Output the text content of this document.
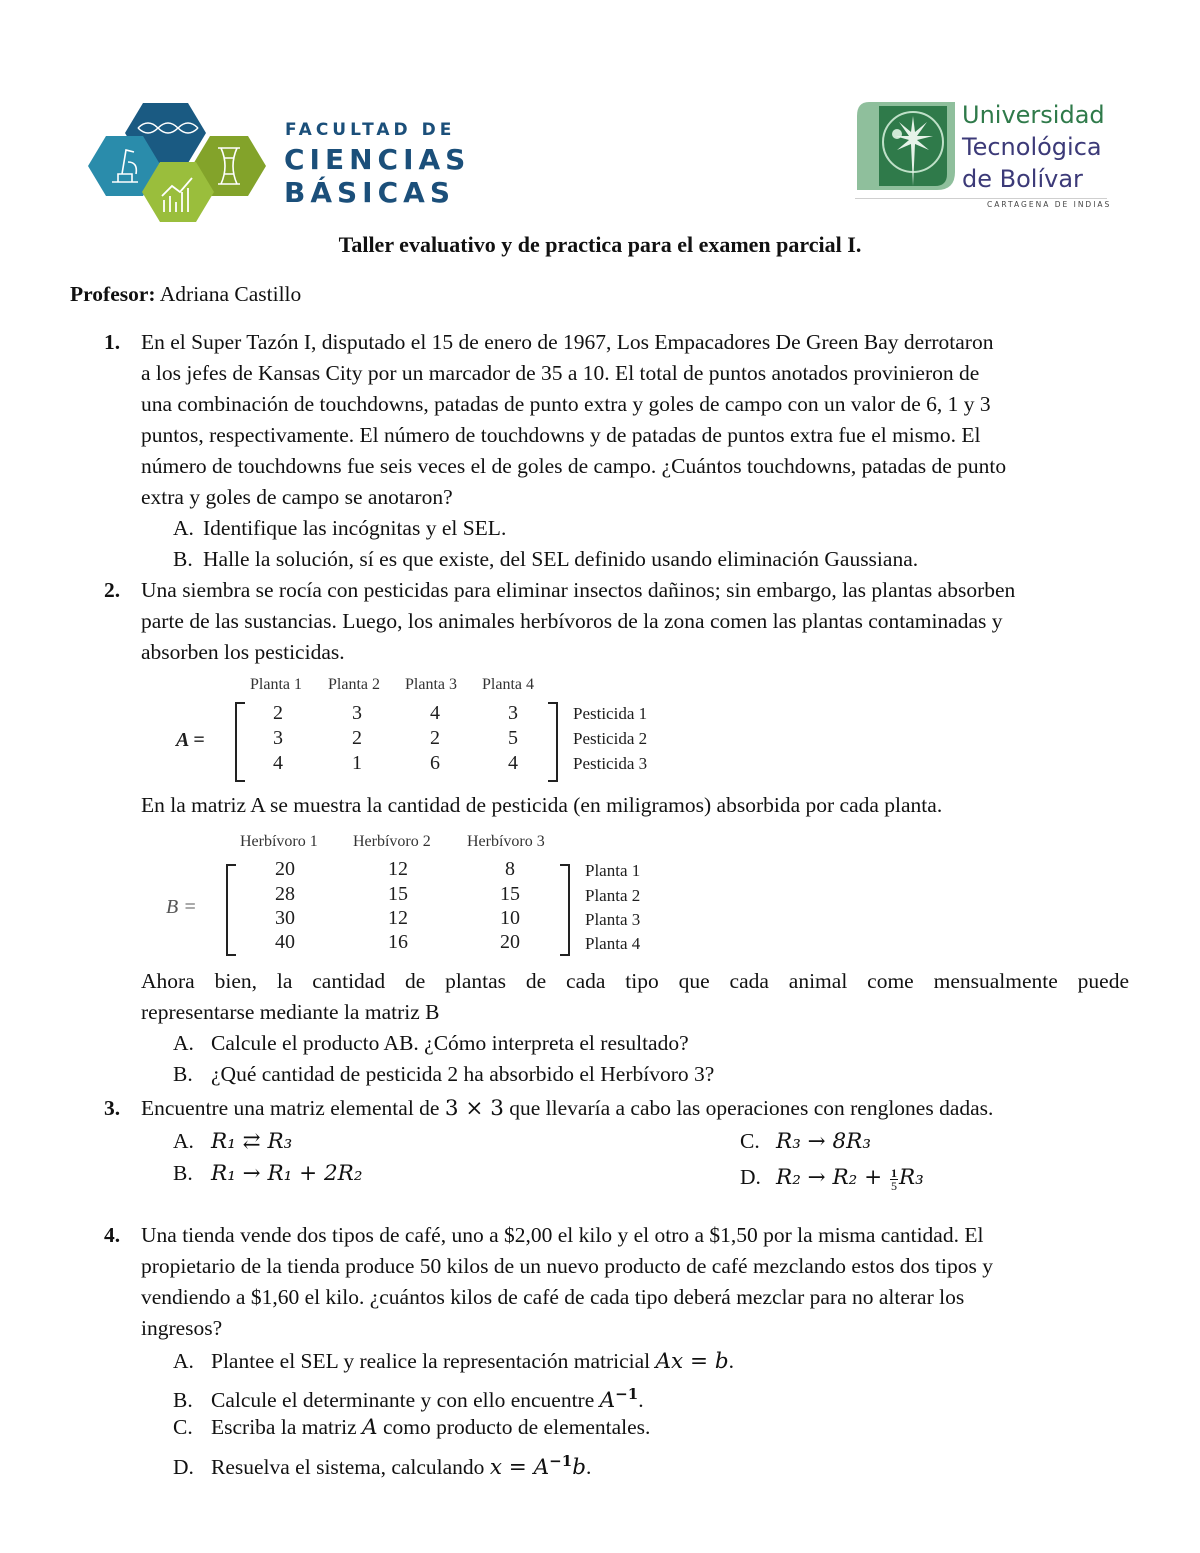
FACULTAD DE
CIENCIAS
BÁSICAS
Universidad
Tecnológica
de Bolívar
CARTAGENA DE INDIAS
Taller evaluativo y de practica para el examen parcial I.
Profesor: Adriana Castillo
1. En el Super Tazón I, disputado el 15 de enero de 1967, Los Empacadores De Green Bay derrotaron
a los jefes de Kansas City por un marcador de 35 a 10. El total de puntos anotados provinieron de
una combinación de touchdowns, patadas de punto extra y goles de campo con un valor de 6, 1 y 3
puntos, respectivamente. El número de touchdowns y de patadas de puntos extra fue el mismo. El
número de touchdowns fue seis veces el de goles de campo. ¿Cuántos touchdowns, patadas de punto
extra y goles de campo se anotaron?
A. Identifique las incógnitas y el SEL.
B. Halle la solución, sí es que existe, del SEL definido usando eliminación Gaussiana.
2. Una siembra se rocía con pesticidas para eliminar insectos dañinos; sin embargo, las plantas absorben
parte de las sustancias. Luego, los animales herbívoros de la zona comen las plantas contaminadas y
absorben los pesticidas.
Planta 1 Planta 2 Planta 3 Planta 4
A =
2	3	4	3
3	2	2	5
4	1	6	4
Pesticida 1
Pesticida 2
Pesticida 3
En la matriz A se muestra la cantidad de pesticida (en miligramos) absorbida por cada planta.
Herbívoro 1 Herbívoro 2 Herbívoro 3
B =
20	12	8
28	15	15
30	12	10
40	16	20
Planta 1
Planta 2
Planta 3
Planta 4
Ahora bien, la cantidad de plantas de cada tipo que cada animal come mensualmente puede
representarse mediante la matriz B
A. Calcule el producto AB. ¿Cómo interpreta el resultado?
B. ¿Qué cantidad de pesticida 2 ha absorbido el Herbívoro 3?
3. Encuentre una matriz elemental de 3 × 3 que llevaría a cabo las operaciones con renglones dadas.
A. R₁ ⇄ R₃
B. R₁ → R₁ + 2R₂
C. R₃ → 8R₃
D. $R_2 \to R_2 + \frac{1}{5} R_3$
4. Una tienda vende dos tipos de café, uno a $2,00 el kilo y el otro a $1,50 por la misma cantidad. El
propietario de la tienda produce 50 kilos de un nuevo producto de café mezclando estos dos tipos y
vendiendo a $1,60 el kilo. ¿cuántos kilos de café de cada tipo deberá mezclar para no alterar los
ingresos?
A. Plantee el SEL y realice la representación matricial Ax = b.
B. Calcule el determinante y con ello encuentre $A^{-1}$.
C. Escriba la matriz A como producto de elementales.
D. Resuelva el sistema, calculando $x = A^{-1}b$.
